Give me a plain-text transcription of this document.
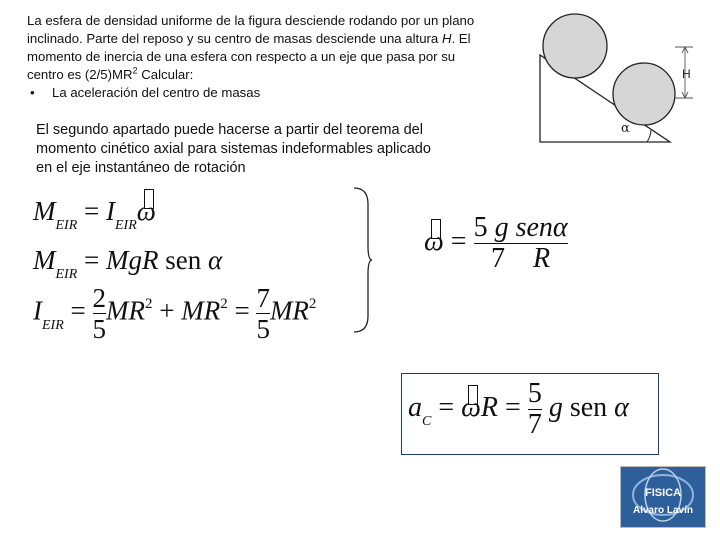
La esfera de densidad uniforme de la figura desciende rodando por un plano
inclinado. Parte del reposo y su centro de masas desciende una altura H. El
momento de inercia de una esfera con respecto a un eje que pasa por su
centro es $(2/5)MR^2$ Calcular:
• La aceleración del centro de masas
H
α
El segundo apartado puede hacerse a partir del teorema del
momento cinético axial para sistemas indeformables aplicado
en el eje instantáneo de rotación
$M_{EIR} = I_{EIR}\omega$
$M_{EIR}$ = MgR sen α
$I_{EIR} = \frac{2}{5} MR^2 + MR^2 = \frac{7}{5} MR^2$
$\omega = \frac{\text{5 g senα}}{7 R}$
$a_C = \omega$
$R = \frac{5}{7}$ g sen α
FISICA
Alvaro Lavín
